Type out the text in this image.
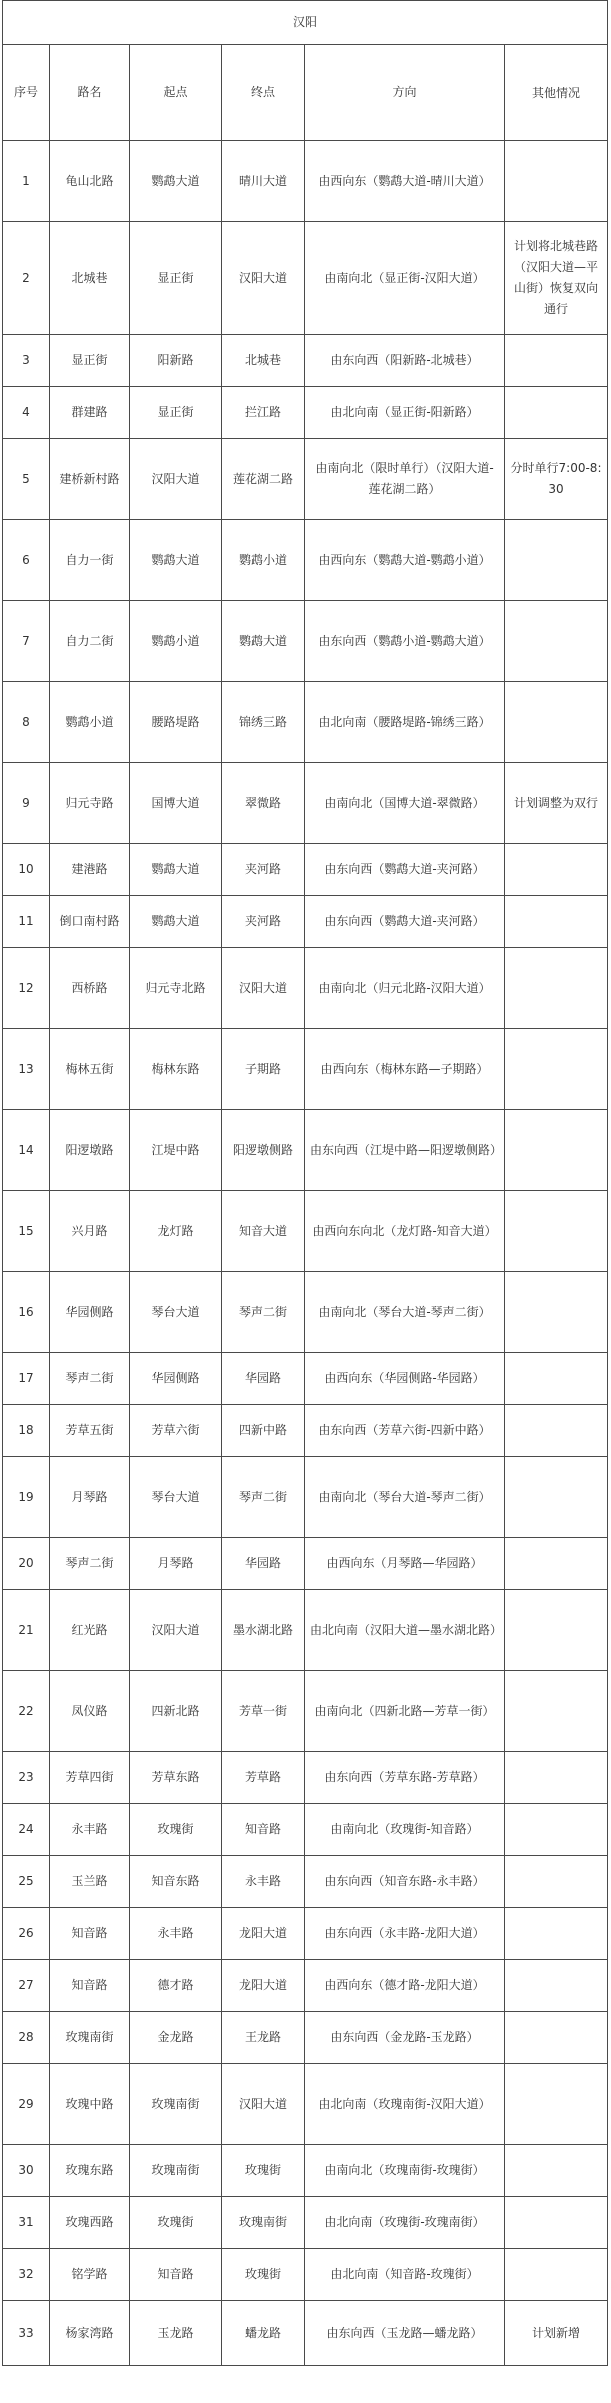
汉阳					
序号	路名	起点	终点	方向	其他情况
1	龟山北路	鹦鹉大道	晴川大道	由西向东（鹦鹉大道-晴川大道）	
2	北城巷	显正街	汉阳大道	由南向北（显正街-汉阳大道）	计划将北城巷路（汉阳大道—平山街）恢复双向通行
3	显正街	阳新路	北城巷	由东向西（阳新路-北城巷）	
4	群建路	显正街	拦江路	由北向南（显正街-阳新路）	
5	建桥新村路	汉阳大道	莲花湖二路	由南向北（限时单行）（汉阳大道-莲花湖二路）	分时单行7:00-8:30
6	自力一街	鹦鹉大道	鹦鹉小道	由西向东（鹦鹉大道-鹦鹉小道）	
7	自力二街	鹦鹉小道	鹦鹉大道	由东向西（鹦鹉小道-鹦鹉大道）	
8	鹦鹉小道	腰路堤路	锦绣三路	由北向南（腰路堤路-锦绣三路）	
9	归元寺路	国博大道	翠微路	由南向北（国博大道-翠微路）	计划调整为双行
10	建港路	鹦鹉大道	夹河路	由东向西（鹦鹉大道-夹河路）	
11	倒口南村路	鹦鹉大道	夹河路	由东向西（鹦鹉大道-夹河路）	
12	西桥路	归元寺北路	汉阳大道	由南向北（归元北路-汉阳大道）	
13	梅林五街	梅林东路	子期路	由西向东（梅林东路—子期路）	
14	阳逻墩路	江堤中路	阳逻墩侧路	由东向西（江堤中路—阳逻墩侧路）	
15	兴月路	龙灯路	知音大道	由西向东向北（龙灯路-知音大道）	
16	华园侧路	琴台大道	琴声二街	由南向北（琴台大道-琴声二街）	
17	琴声二街	华园侧路	华园路	由西向东（华园侧路-华园路）	
18	芳草五街	芳草六街	四新中路	由东向西（芳草六街-四新中路）	
19	月琴路	琴台大道	琴声二街	由南向北（琴台大道-琴声二街）	
20	琴声二街	月琴路	华园路	由西向东（月琴路—华园路）	
21	红光路	汉阳大道	墨水湖北路	由北向南（汉阳大道—墨水湖北路）	
22	凤仪路	四新北路	芳草一街	由南向北（四新北路—芳草一街）	
23	芳草四街	芳草东路	芳草路	由东向西（芳草东路-芳草路）	
24	永丰路	玫瑰街	知音路	由南向北（玫瑰街-知音路）	
25	玉兰路	知音东路	永丰路	由东向西（知音东路-永丰路）	
26	知音路	永丰路	龙阳大道	由东向西（永丰路-龙阳大道）	
27	知音路	德才路	龙阳大道	由西向东（德才路-龙阳大道）	
28	玫瑰南街	金龙路	王龙路	由东向西（金龙路-玉龙路）	
29	玫瑰中路	玫瑰南街	汉阳大道	由北向南（玫瑰南街-汉阳大道）	
30	玫瑰东路	玫瑰南街	玫瑰街	由南向北（玫瑰南街-玫瑰街）	
31	玫瑰西路	玫瑰街	玫瑰南街	由北向南（玫瑰街-玫瑰南街）	
32	铭学路	知音路	玫瑰街	由北向南（知音路-玫瑰街）	
33	杨家湾路	玉龙路	蟠龙路	由东向西（玉龙路—蟠龙路）	计划新增
